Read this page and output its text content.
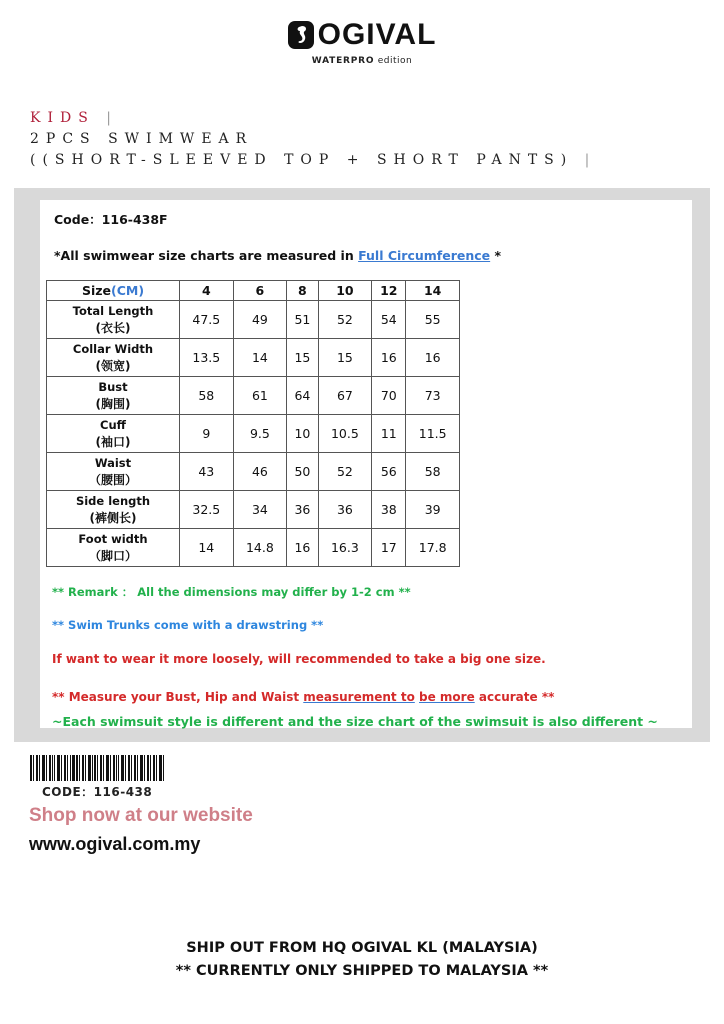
OGIVAL
WATERPRO edition
KIDS |
2PCS SWIMWEAR
((SHORT-SLEEVED TOP + SHORT PANTS) |
Code：116-438F
*All swimwear size charts are measured in Full Circumference *
Size(CM)	4	6	8	10	12	14
Total Length
(衣长)	47.5	49	51	52	54	55
Collar Width
(领宽)	13.5	14	15	15	16	16
Bust
(胸围)	58	61	64	67	70	73
Cuff
(袖口)	9	9.5	10	10.5	11	11.5
Waist
（腰围）	43	46	50	52	56	58
Side length
(裤侧长)	32.5	34	36	36	38	39
Foot width
（脚口）	14	14.8	16	16.3	17	17.8
** Remark ： All the dimensions may differ by 1-2 cm **
** Swim Trunks come with a drawstring **
If want to wear it more loosely, will recommended to take a big one size.
** Measure your Bust, Hip and Waist measurement to be more accurate **
~Each swimsuit style is different and the size chart of the swimsuit is also different ~
CODE：116-438
Shop now at our website
www.ogival.com.my
SHIP OUT FROM HQ OGIVAL KL (MALAYSIA)
** CURRENTLY ONLY SHIPPED TO MALAYSIA **
